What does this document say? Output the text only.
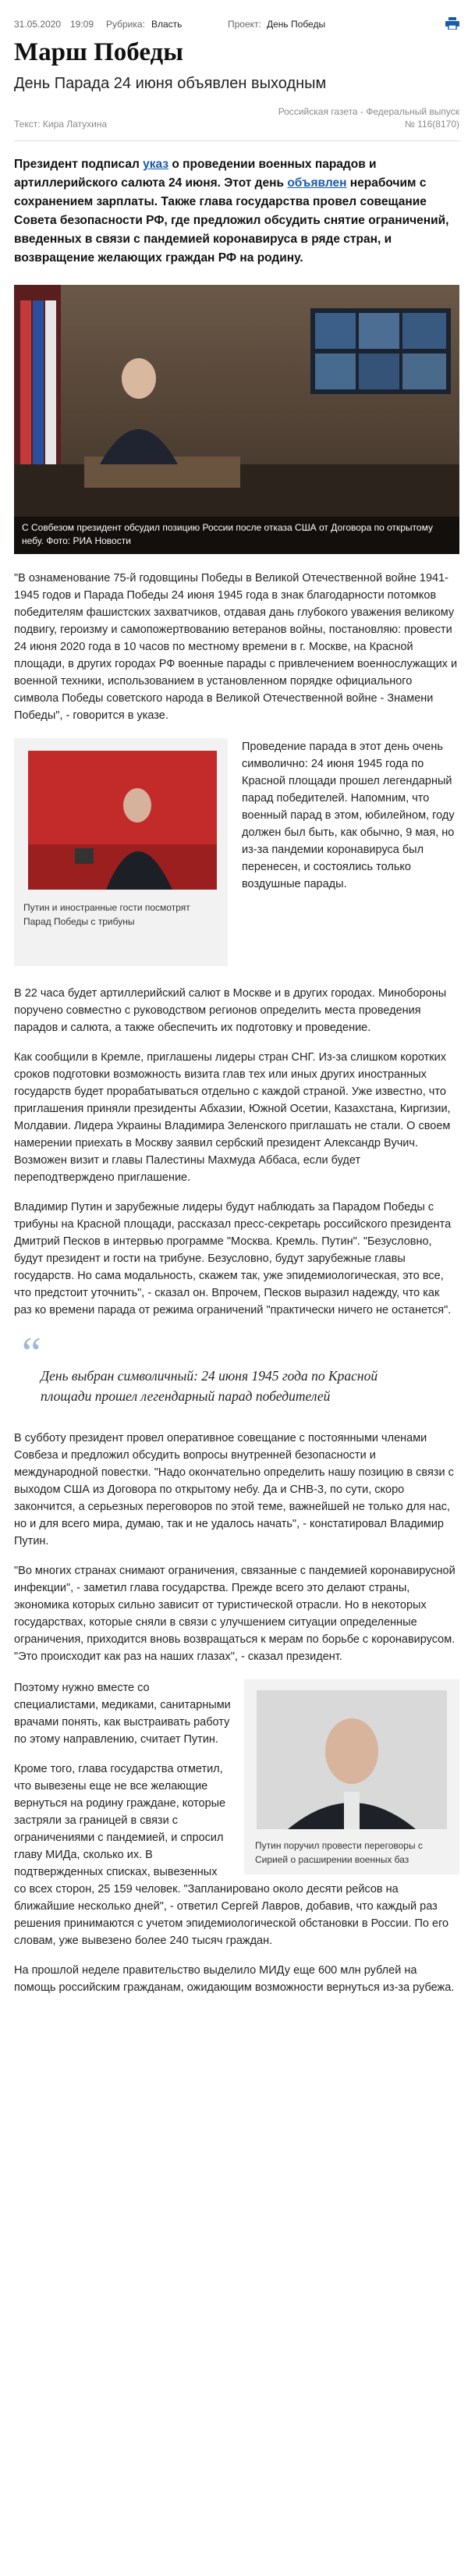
31.05.2020 19:09 Рубрика: Власть	Проект: День Победы
Марш Победы
День Парада 24 июня объявлен выходным
Российская газета - Федеральный выпуск
Текст: Кира Латухина	№ 116(8170)

Президент подписал указ о проведении военных парадов и артиллерийского салюта 24 июня. Этот день объявлен нерабочим с сохранением зарплаты. Также глава государства провел совещание Совета безопасности РФ, где предложил обсудить снятие ограничений, введенных в связи с пандемией коронавируса в ряде стран, и возвращение желающих граждан РФ на родину.

С Совбезом президент обсудил позицию России после отказа США от Договора по открытому небу. Фото: РИА Новости

"В ознаменование 75-й годовщины Победы в Великой Отечественной войне 1941-1945 годов и Парада Победы 24 июня 1945 года в знак благодарности потомков победителям фашистских захватчиков, отдавая дань глубокого уважения великому подвигу, героизму и самопожертвованию ветеранов войны, постановляю: провести 24 июня 2020 года в 10 часов по местному времени в г. Москве, на Красной площади, в других городах РФ военные парады с привлечением военнослужащих и военной техники, использованием в установленном порядке официального символа Победы советского народа в Великой Отечественной войне - Знамени Победы", - говорится в указе.

Путин и иностранные гости посмотрят Парад Победы с трибуны

Проведение парада в этот день очень символично: 24 июня 1945 года по Красной площади прошел легендарный парад победителей. Напомним, что военный парад в этом, юбилейном, году должен был быть, как обычно, 9 мая, но из-за пандемии коронавируса был перенесен, и состоялись только воздушные парады.

В 22 часа будет артиллерийский салют в Москве и в других городах. Минобороны поручено совместно с руководством регионов определить места проведения парадов и салюта, а также обеспечить их подготовку и проведение.

Как сообщили в Кремле, приглашены лидеры стран СНГ. Из-за слишком коротких сроков подготовки возможность визита глав тех или иных других иностранных государств будет прорабатываться отдельно с каждой страной. Уже известно, что приглашения приняли президенты Абхазии, Южной Осетии, Казахстана, Киргизии, Молдавии. Лидера Украины Владимира Зеленского приглашать не стали. О своем намерении приехать в Москву заявил сербский президент Александр Вучич. Возможен визит и главы Палестины Махмуда Аббаса, если будет переподтверждено приглашение.

Владимир Путин и зарубежные лидеры будут наблюдать за Парадом Победы с трибуны на Красной площади, рассказал пресс-секретарь российского президента Дмитрий Песков в интервью программе "Москва. Кремль. Путин". "Безусловно, будут президент и гости на трибуне. Безусловно, будут зарубежные главы государств. Но сама модальность, скажем так, уже эпидемиологическая, это все, что предстоит уточнить", - сказал он. Впрочем, Песков выразил надежду, что как раз ко времени парада от режима ограничений "практически ничего не останется".

“ День выбран символичный: 24 июня 1945 года по Красной площади прошел легендарный парад победителей

В субботу президент провел оперативное совещание с постоянными членами Совбеза и предложил обсудить вопросы внутренней безопасности и международной повестки. "Надо окончательно определить нашу позицию в связи с выходом США из Договора по открытому небу. Да и СНВ-3, по сути, скоро закончится, а серьезных переговоров по этой теме, важнейшей не только для нас, но и для всего мира, думаю, так и не удалось начать", - констатировал Владимир Путин.

"Во многих странах снимают ограничения, связанные с пандемией коронавирусной инфекции", - заметил глава государства. Прежде всего это делают страны, экономика которых сильно зависит от туристической отрасли. Но в некоторых государствах, которые сняли в связи с улучшением ситуации определенные ограничения, приходится вновь возвращаться к мерам по борьбе с коронавирусом. "Это происходит как раз на наших глазах", - сказал президент.

Путин поручил провести переговоры с Сирией о расширении военных баз

Поэтому нужно вместе со специалистами, медиками, санитарными врачами понять, как выстраивать работу по этому направлению, считает Путин.

Кроме того, глава государства отметил, что вывезены еще не все желающие вернуться на родину граждане, которые застряли за границей в связи с ограничениями с пандемией, и спросил главу МИДа, сколько их. В подтвержденных списках, вывезенных со всех сторон, 25 159 человек. "Запланировано около десяти рейсов на ближайшие несколько дней", - ответил Сергей Лавров, добавив, что каждый раз решения принимаются с учетом эпидемиологической обстановки в России. По его словам, уже вывезено более 240 тысяч граждан.

На прошлой неделе правительство выделило МИДу еще 600 млн рублей на помощь российским гражданам, ожидающим возможности вернуться из-за рубежа.
